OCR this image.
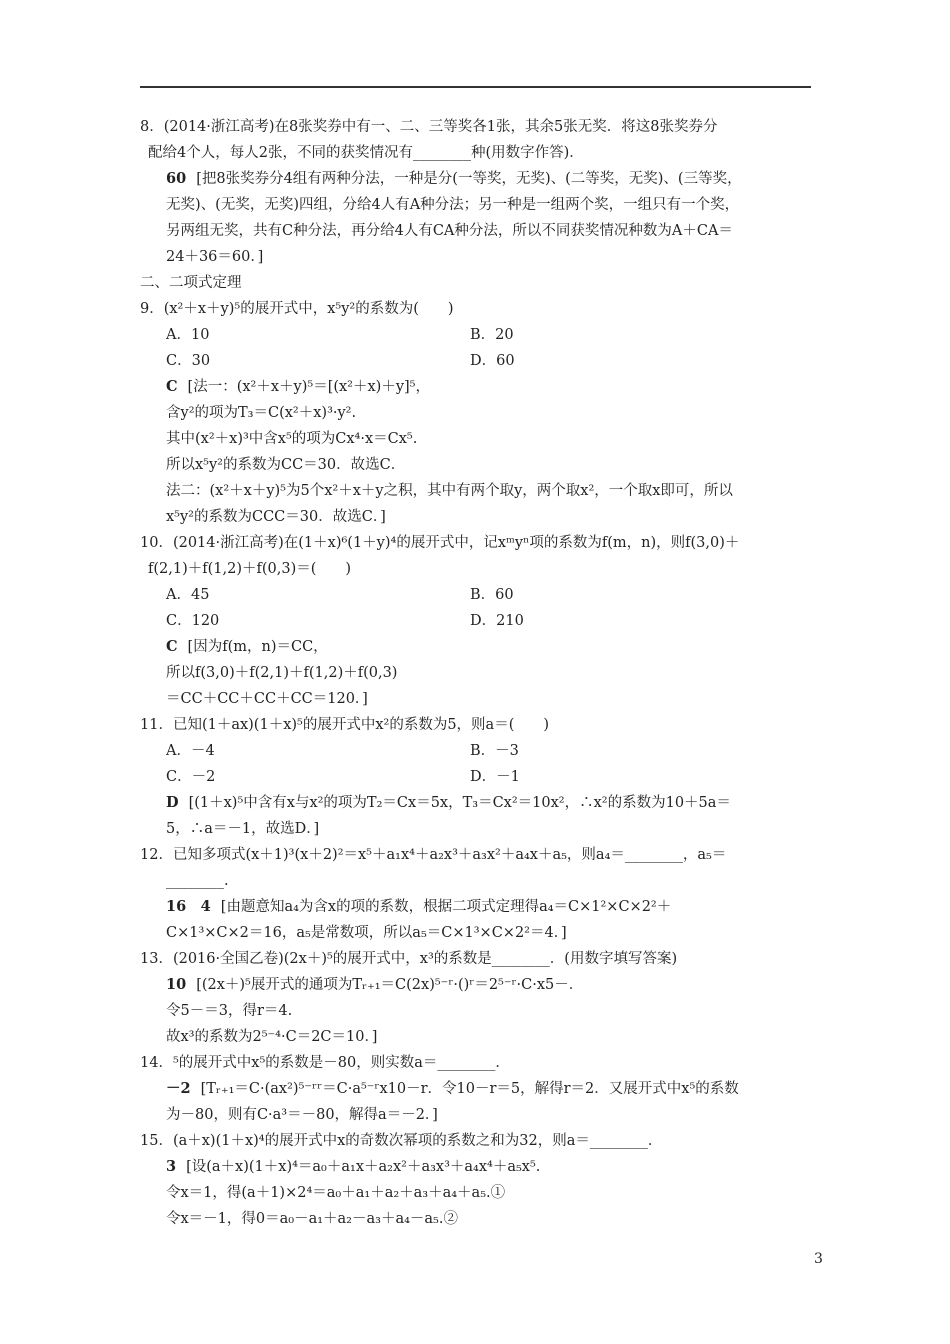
8．(2014·浙江高考)在8张奖券中有一、二、三等奖各1张，其余5张无奖．将这8张奖券分
配给4个人，每人2张，不同的获奖情况有________种(用数字作答)．
60 [把8张奖券分4组有两种分法，一种是分(一等奖，无奖)、(二等奖，无奖)、(三等奖，
无奖)、(无奖，无奖)四组，分给4人有A种分法；另一种是一组两个奖，一组只有一个奖，
另两组无奖，共有C种分法，再分给4人有CA种分法，所以不同获奖情况种数为A＋CA＝
24＋36＝60．]
二、二项式定理
9．(x²＋x＋y)⁵的展开式中，x⁵y²的系数为(　　)
A．10	B．20
C．30	D．60
C [法一：(x²＋x＋y)⁵＝[(x²＋x)＋y]⁵，
含y²的项为T₃＝C(x²＋x)³·y².
其中(x²＋x)³中含x⁵的项为Cx⁴·x＝Cx⁵.
所以x⁵y²的系数为CC＝30．故选C．
法二：(x²＋x＋y)⁵为5个x²＋x＋y之积，其中有两个取y，两个取x²，一个取x即可，所以
x⁵y²的系数为CCC＝30．故选C．]
10．(2014·浙江高考)在(1＋x)⁶(1＋y)⁴的展开式中，记xᵐyⁿ项的系数为f(m，n)，则f(3,0)＋
f(2,1)＋f(1,2)＋f(0,3)＝(　　)
A．45	B．60
C．120	D．210
C [因为f(m，n)＝CC，
所以f(3,0)＋f(2,1)＋f(1,2)＋f(0,3)
＝CC＋CC＋CC＋CC＝120．]
11．已知(1＋ax)(1＋x)⁵的展开式中x²的系数为5，则a＝(　　)
A．－4	B．－3
C．－2	D．－1
D [(1＋x)⁵中含有x与x²的项为T₂＝Cx＝5x，T₃＝Cx²＝10x²，∴x²的系数为10＋5a＝
5，∴a＝－1，故选D．]
12．已知多项式(x＋1)³(x＋2)²＝x⁵＋a₁x⁴＋a₂x³＋a₃x²＋a₄x＋a₅，则a₄＝________，a₅＝
________.
16　4 [由题意知a₄为含x的项的系数，根据二项式定理得a₄＝C×1²×C×2²＋
C×1³×C×2＝16，a₅是常数项，所以a₅＝C×1³×C×2²＝4．]
13．(2016·全国乙卷)(2x＋)⁵的展开式中，x³的系数是________．(用数字填写答案)
10 [(2x＋)⁵展开式的通项为Tᵣ₊₁＝C(2x)⁵⁻ʳ·()ʳ＝2⁵⁻ʳ·C·x5－．
令5－＝3，得r＝4.
故x³的系数为2⁵⁻⁴·C＝2C＝10．]
14．⁵的展开式中x⁵的系数是－80，则实数a＝________．
－2 [Tᵣ₊₁＝C·(ax²)⁵⁻ʳʳ＝C·a⁵⁻ʳx10－r．令10－r＝5，解得r＝2．又展开式中x⁵的系数
为－80，则有C·a³＝－80，解得a＝－2．]
15．(a＋x)(1＋x)⁴的展开式中x的奇数次幂项的系数之和为32，则a＝________．
3 [设(a＋x)(1＋x)⁴＝a₀＋a₁x＋a₂x²＋a₃x³＋a₄x⁴＋a₅x⁵.
令x＝1，得(a＋1)×2⁴＝a₀＋a₁＋a₂＋a₃＋a₄＋a₅.①
令x＝－1，得0＝a₀－a₁＋a₂－a₃＋a₄－a₅.②
3
